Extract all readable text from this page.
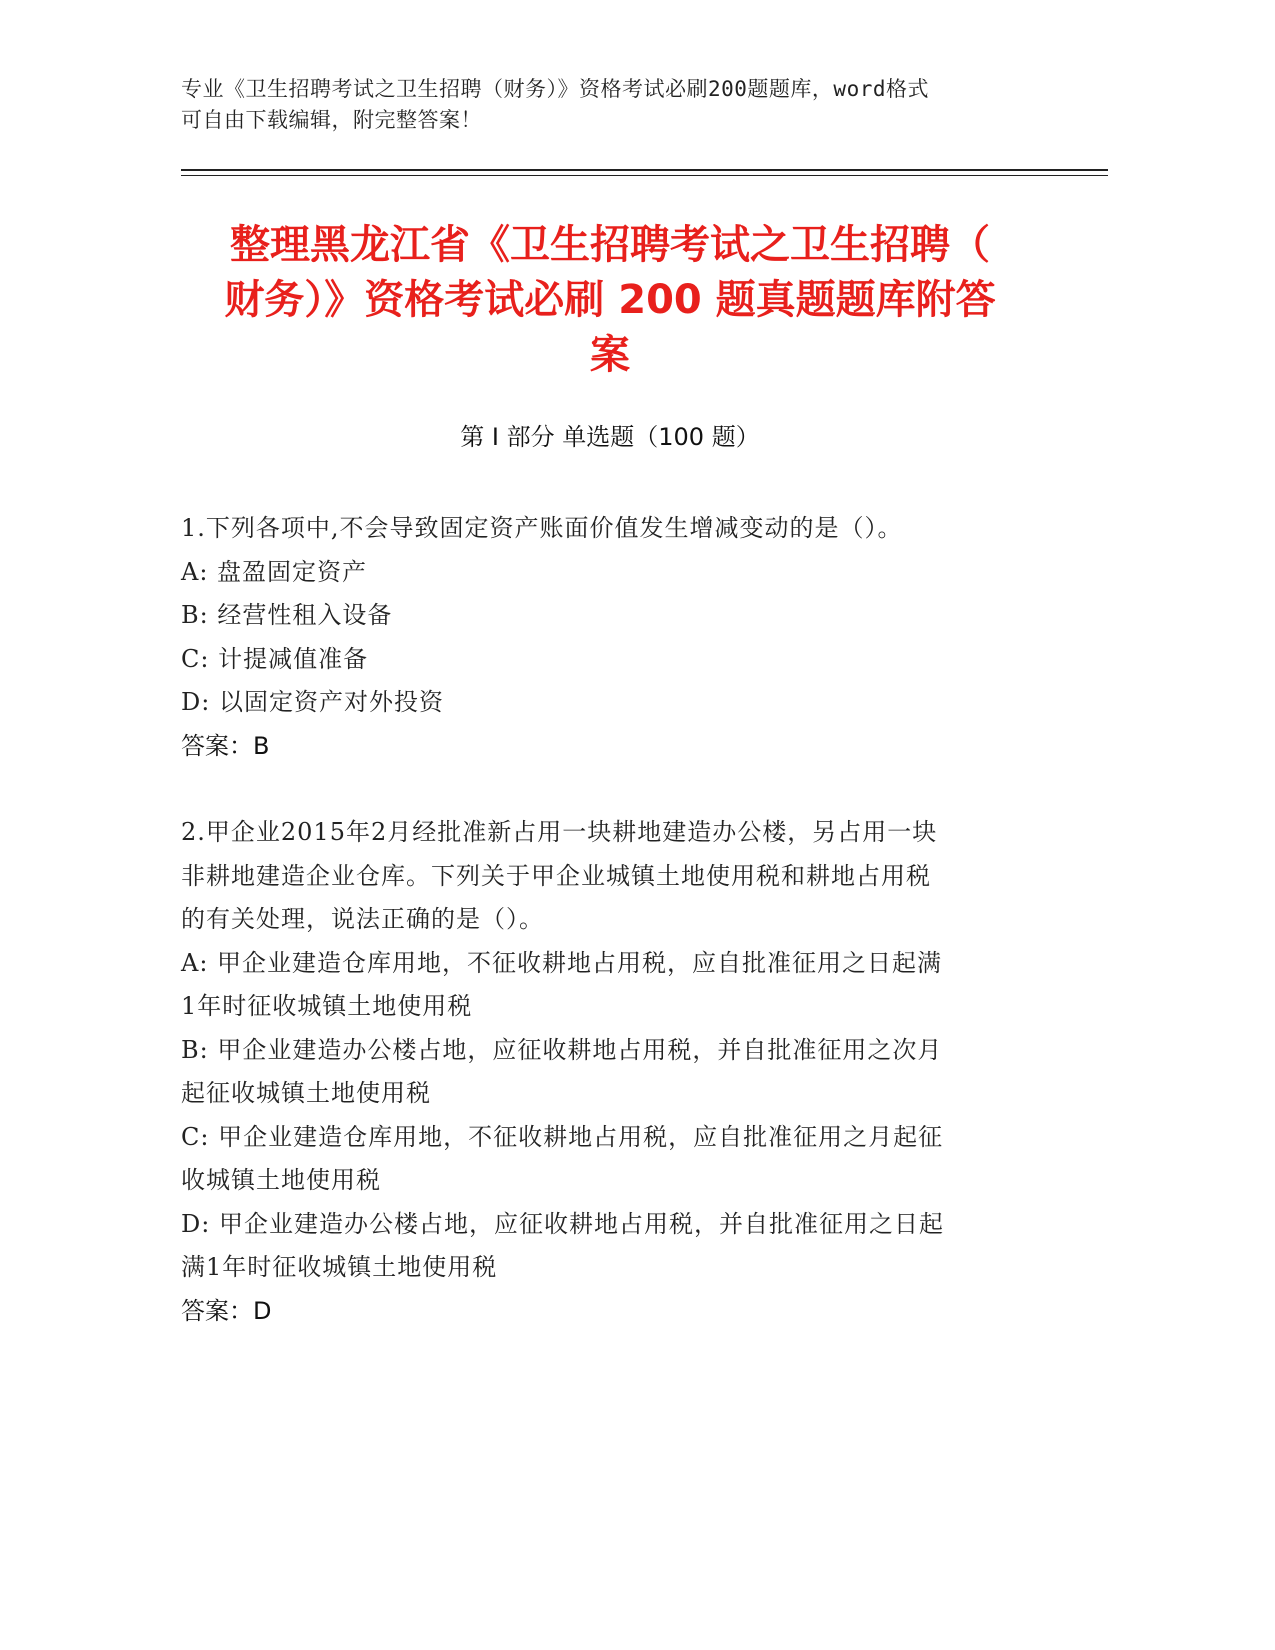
专业《卫生招聘考试之卫生招聘（财务）》资格考试必刷200题题库，word格式
可自由下载编辑，附完整答案！
整理黑龙江省《卫生招聘考试之卫生招聘（
财务）》资格考试必刷 200 题真题题库附答
案
第 I 部分 单选题（100 题）

1.下列各项中,不会导致固定资产账面价值发生增减变动的是（）。

A: 盘盈固定资产

B: 经营性租入设备

C: 计提减值准备

D: 以固定资产对外投资

答案：B

2.甲企业2015年2月经批准新占用一块耕地建造办公楼，另占用一块

非耕地建造企业仓库。下列关于甲企业城镇土地使用税和耕地占用税

的有关处理，说法正确的是（）。

A: 甲企业建造仓库用地，不征收耕地占用税，应自批准征用之日起满

1年时征收城镇土地使用税

B: 甲企业建造办公楼占地，应征收耕地占用税，并自批准征用之次月

起征收城镇土地使用税

C: 甲企业建造仓库用地，不征收耕地占用税，应自批准征用之月起征

收城镇土地使用税

D: 甲企业建造办公楼占地，应征收耕地占用税，并自批准征用之日起

满1年时征收城镇土地使用税

答案：D
